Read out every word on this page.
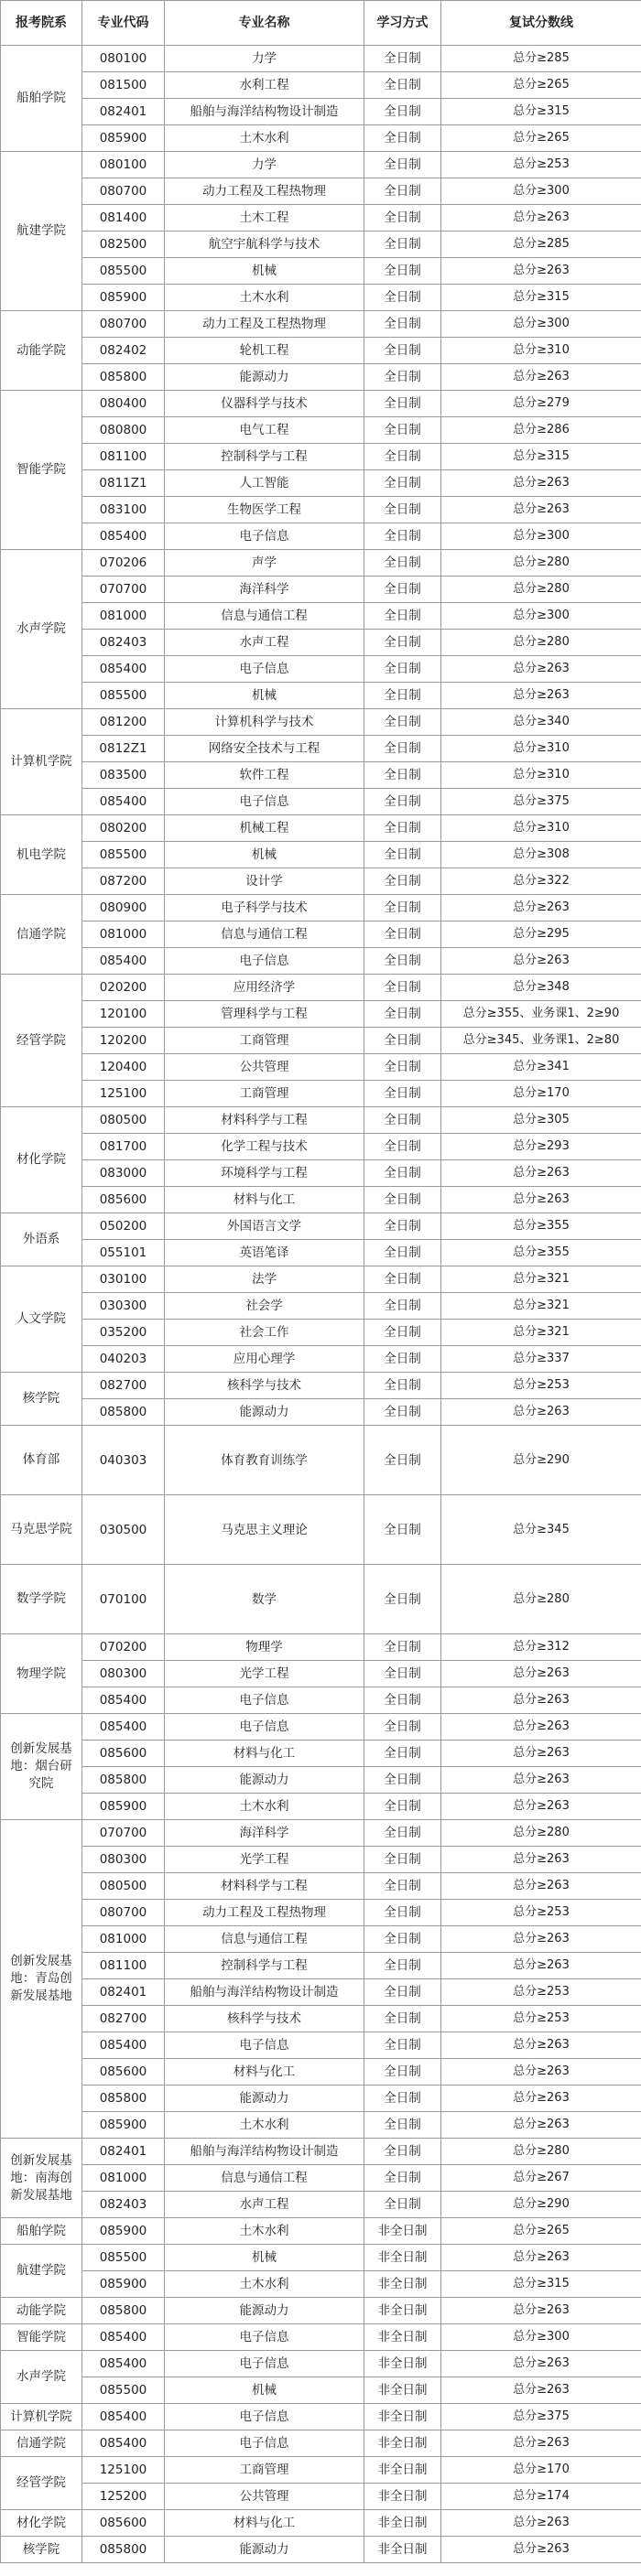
报考院系	专业代码	专业名称	学习方式	复试分数线
船舶学院	080100	力学	全日制	总分≥285
	081500	水利工程	全日制	总分≥265
	082401	船舶与海洋结构物设计制造	全日制	总分≥315
	085900	土木水利	全日制	总分≥265
航建学院	080100	力学	全日制	总分≥253
	080700	动力工程及工程热物理	全日制	总分≥300
	081400	土木工程	全日制	总分≥263
	082500	航空宇航科学与技术	全日制	总分≥285
	085500	机械	全日制	总分≥263
	085900	土木水利	全日制	总分≥315
动能学院	080700	动力工程及工程热物理	全日制	总分≥300
	082402	轮机工程	全日制	总分≥310
	085800	能源动力	全日制	总分≥263
智能学院	080400	仪器科学与技术	全日制	总分≥279
	080800	电气工程	全日制	总分≥286
	081100	控制科学与工程	全日制	总分≥315
	0811Z1	人工智能	全日制	总分≥263
	083100	生物医学工程	全日制	总分≥263
	085400	电子信息	全日制	总分≥300
水声学院	070206	声学	全日制	总分≥280
	070700	海洋科学	全日制	总分≥280
	081000	信息与通信工程	全日制	总分≥300
	082403	水声工程	全日制	总分≥280
	085400	电子信息	全日制	总分≥263
	085500	机械	全日制	总分≥263
计算机学院	081200	计算机科学与技术	全日制	总分≥340
	0812Z1	网络安全技术与工程	全日制	总分≥310
	083500	软件工程	全日制	总分≥310
	085400	电子信息	全日制	总分≥375
机电学院	080200	机械工程	全日制	总分≥310
	085500	机械	全日制	总分≥308
	087200	设计学	全日制	总分≥322
信通学院	080900	电子科学与技术	全日制	总分≥263
	081000	信息与通信工程	全日制	总分≥295
	085400	电子信息	全日制	总分≥263
经管学院	020200	应用经济学	全日制	总分≥348
	120100	管理科学与工程	全日制	总分≥355、业务课1、2≥90
	120200	工商管理	全日制	总分≥345、业务课1、2≥80
	120400	公共管理	全日制	总分≥341
	125100	工商管理	全日制	总分≥170
材化学院	080500	材料科学与工程	全日制	总分≥305
	081700	化学工程与技术	全日制	总分≥293
	083000	环境科学与工程	全日制	总分≥263
	085600	材料与化工	全日制	总分≥263
外语系	050200	外国语言文学	全日制	总分≥355
	055101	英语笔译	全日制	总分≥355
人文学院	030100	法学	全日制	总分≥321
	030300	社会学	全日制	总分≥321
	035200	社会工作	全日制	总分≥321
	040203	应用心理学	全日制	总分≥337
核学院	082700	核科学与技术	全日制	总分≥253
	085800	能源动力	全日制	总分≥263
体育部	040303	体育教育训练学	全日制	总分≥290
马克思学院	030500	马克思主义理论	全日制	总分≥345
数学学院	070100	数学	全日制	总分≥280
物理学院	070200	物理学	全日制	总分≥312
	080300	光学工程	全日制	总分≥263
	085400	电子信息	全日制	总分≥263
创新发展基地：烟台研究院	085400	电子信息	全日制	总分≥263
	085600	材料与化工	全日制	总分≥263
	085800	能源动力	全日制	总分≥263
	085900	土木水利	全日制	总分≥263
创新发展基地：青岛创新发展基地	070700	海洋科学	全日制	总分≥280
	080300	光学工程	全日制	总分≥263
	080500	材料科学与工程	全日制	总分≥263
	080700	动力工程及工程热物理	全日制	总分≥253
	081000	信息与通信工程	全日制	总分≥263
	081100	控制科学与工程	全日制	总分≥263
	082401	船舶与海洋结构物设计制造	全日制	总分≥253
	082700	核科学与技术	全日制	总分≥253
	085400	电子信息	全日制	总分≥263
	085600	材料与化工	全日制	总分≥263
	085800	能源动力	全日制	总分≥263
	085900	土木水利	全日制	总分≥263
创新发展基地：南海创新发展基地	082401	船舶与海洋结构物设计制造	全日制	总分≥280
	081000	信息与通信工程	全日制	总分≥267
	082403	水声工程	全日制	总分≥290
船舶学院	085900	土木水利	非全日制	总分≥265
航建学院	085500	机械	非全日制	总分≥263
	085900	土木水利	非全日制	总分≥315
动能学院	085800	能源动力	非全日制	总分≥263
智能学院	085400	电子信息	非全日制	总分≥300
水声学院	085400	电子信息	非全日制	总分≥263
	085500	机械	非全日制	总分≥263
计算机学院	085400	电子信息	非全日制	总分≥375
信通学院	085400	电子信息	非全日制	总分≥263
经管学院	125100	工商管理	非全日制	总分≥170
	125200	公共管理	非全日制	总分≥174
材化学院	085600	材料与化工	非全日制	总分≥263
核学院	085800	能源动力	非全日制	总分≥263
